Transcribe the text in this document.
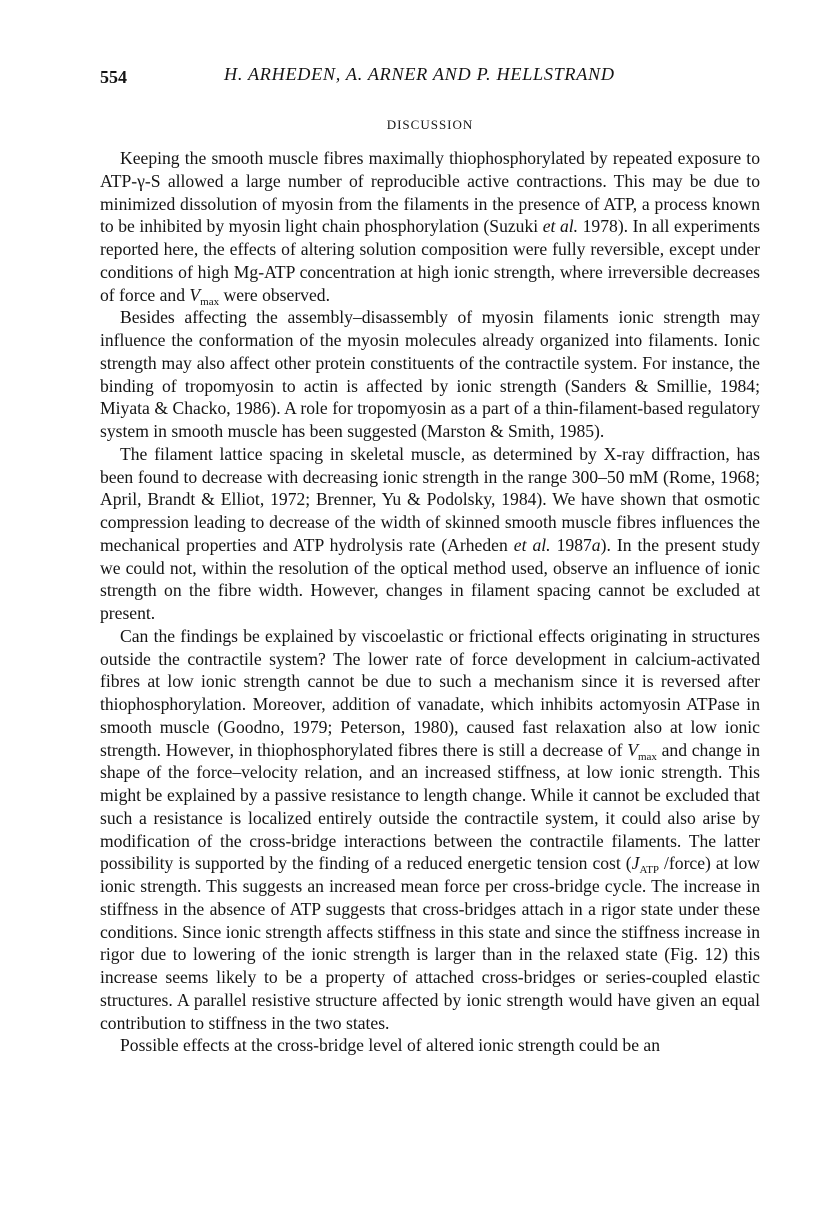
554	H. ARHEDEN, A. ARNER AND P. HELLSTRAND
DISCUSSION

Keeping the smooth muscle fibres maximally thiophosphorylated by repeated exposure to ATP-γ-S allowed a large number of reproducible active contractions. This may be due to minimized dissolution of myosin from the filaments in the presence of ATP, a process known to be inhibited by myosin light chain phosphorylation (Suzuki et al. 1978). In all experiments reported here, the effects of altering solution composition were fully reversible, except under conditions of high Mg-ATP concentration at high ionic strength, where irreversible decreases of force and $V_{max}$ were observed.

Besides affecting the assembly–disassembly of myosin filaments ionic strength may influence the conformation of the myosin molecules already organized into filaments. Ionic strength may also affect other protein constituents of the contractile system. For instance, the binding of tropomyosin to actin is affected by ionic strength (Sanders & Smillie, 1984; Miyata & Chacko, 1986). A role for tropomyosin as a part of a thin-filament-based regulatory system in smooth muscle has been suggested (Marston & Smith, 1985).

The filament lattice spacing in skeletal muscle, as determined by X-ray diffraction, has been found to decrease with decreasing ionic strength in the range 300–50 mM (Rome, 1968; April, Brandt & Elliot, 1972; Brenner, Yu & Podolsky, 1984). We have shown that osmotic compression leading to decrease of the width of skinned smooth muscle fibres influences the mechanical properties and ATP hydrolysis rate (Arheden et al. 1987a). In the present study we could not, within the resolution of the optical method used, observe an influence of ionic strength on the fibre width. However, changes in filament spacing cannot be excluded at present.

Can the findings be explained by viscoelastic or frictional effects originating in structures outside the contractile system? The lower rate of force development in calcium-activated fibres at low ionic strength cannot be due to such a mechanism since it is reversed after thiophosphorylation. Moreover, addition of vanadate, which inhibits actomyosin ATPase in smooth muscle (Goodno, 1979; Peterson, 1980), caused fast relaxation also at low ionic strength. However, in thiophosphorylated fibres there is still a decrease of $V_{max}$ and change in shape of the force–velocity relation, and an increased stiffness, at low ionic strength. This might be explained by a passive resistance to length change. While it cannot be excluded that such a resistance is localized entirely outside the contractile system, it could also arise by modification of the cross-bridge interactions between the contractile filaments. The latter possibility is supported by the finding of a reduced energetic tension cost ($J_{ATP}$ /force) at low ionic strength. This suggests an increased mean force per cross-bridge cycle. The increase in stiffness in the absence of ATP suggests that cross-bridges attach in a rigor state under these conditions. Since ionic strength affects stiffness in this state and since the stiffness increase in rigor due to lowering of the ionic strength is larger than in the relaxed state (Fig. 12) this increase seems likely to be a property of attached cross-bridges or series-coupled elastic structures. A parallel resistive structure affected by ionic strength would have given an equal contribution to stiffness in the two states.

Possible effects at the cross-bridge level of altered ionic strength could be an
